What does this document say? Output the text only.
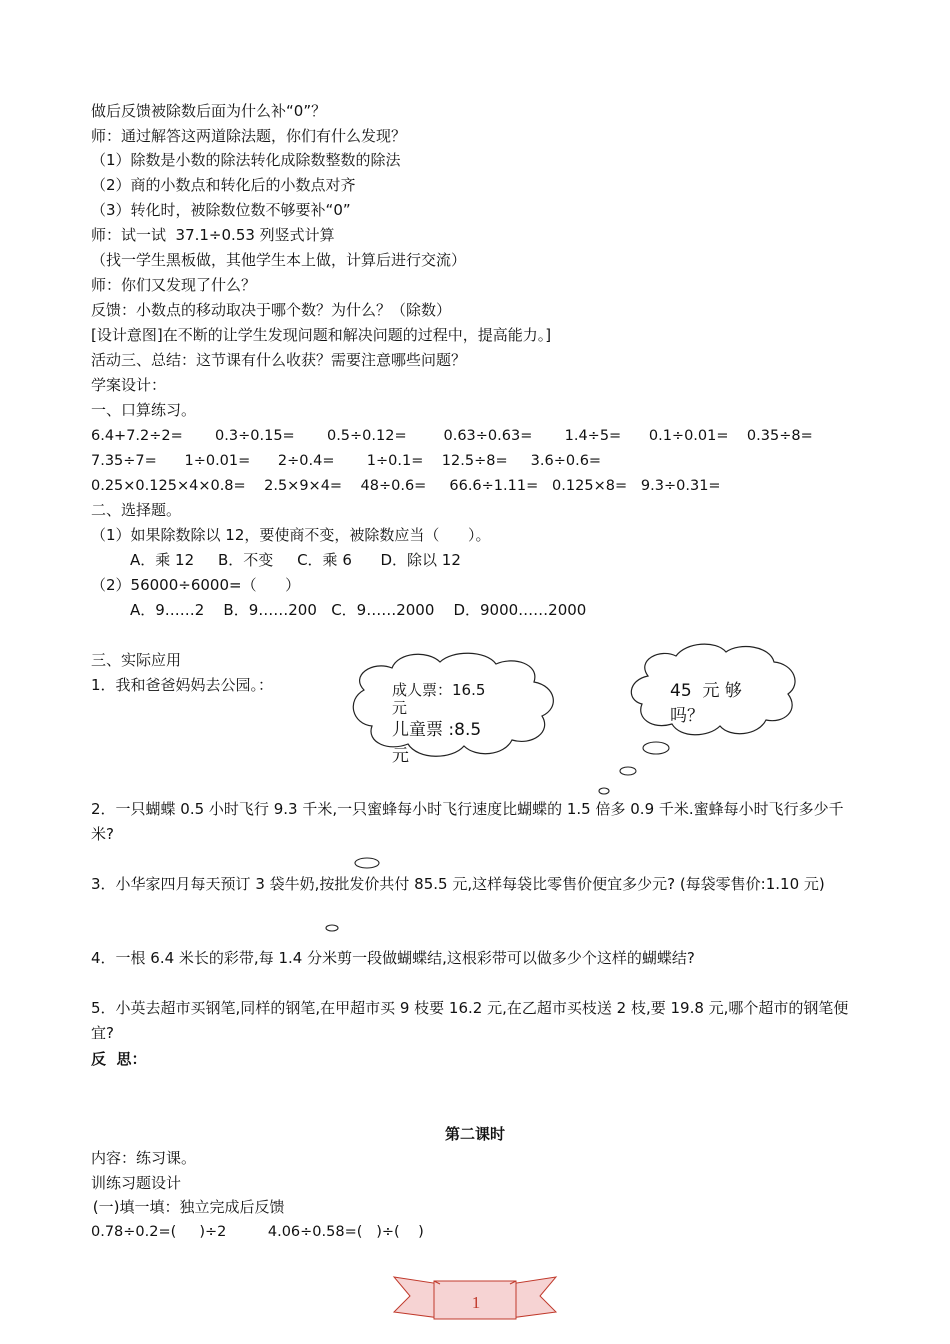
做后反馈被除数后面为什么补“0”？
师：通过解答这两道除法题，你们有什么发现？
（1）除数是小数的除法转化成除数整数的除法
（2）商的小数点和转化后的小数点对齐
（3）转化时，被除数位数不够要补“0”
师：试一试  37.1÷0.53 列竖式计算
（找一学生黑板做，其他学生本上做，计算后进行交流）
师：你们又发现了什么？
反馈：小数点的移动取决于哪个数？为什么？（除数）
[设计意图]在不断的让学生发现问题和解决问题的过程中，提高能力。]
活动三、总结：这节课有什么收获？需要注意哪些问题？
学案设计：
一、口算练习。
6.4+7.2÷2=       0.3÷0.15=       0.5÷0.12=        0.63÷0.63=       1.4÷5=      0.1÷0.01=    0.35÷8=
7.35÷7=      1÷0.01=      2÷0.4=       1÷0.1=    12.5÷8=     3.6÷0.6=
0.25×0.125×4×0.8=    2.5×9×4=    48÷0.6=     66.6÷1.11=   0.125×8=   9.3÷0.31=
二、选择题。
（1）如果除数除以 12，要使商不变，被除数应当（      ）。
A．乘 12     B．不变     C．乘 6      D．除以 12
（2）56000÷6000=（      ）
A．9……2    B．9……200   C．9……2000    D．9000……2000
三、实际应用
1．我和爸爸妈妈去公园。：	成人票：16.5
元
儿童票 :8.5
元
45  元 够
吗？
2．一只蝴蝶 0.5 小时飞行 9.3 千米,一只蜜蜂每小时飞行速度比蝴蝶的 1.5 倍多 0.9 千米.蜜蜂每小时飞行多少千米?
3．小华家四月每天预订 3 袋牛奶,按批发价共付 85.5 元,这样每袋比零售价便宜多少元? (每袋零售价:1.10 元)
4．一根 6.4 米长的彩带,每 1.4 分米剪一段做蝴蝶结,这根彩带可以做多少个这样的蝴蝶结?
5．小英去超市买钢笔,同样的钢笔,在甲超市买 9 枝要 16.2 元,在乙超市买枝送 2 枝,要 19.8 元,哪个超市的钢笔便宜?
反  思：
第二课时
内容：练习课。
训练习题设计
(一)填一填：独立完成后反馈
0.78÷0.2=(     )÷2         4.06÷0.58=(   )÷(    )
1
